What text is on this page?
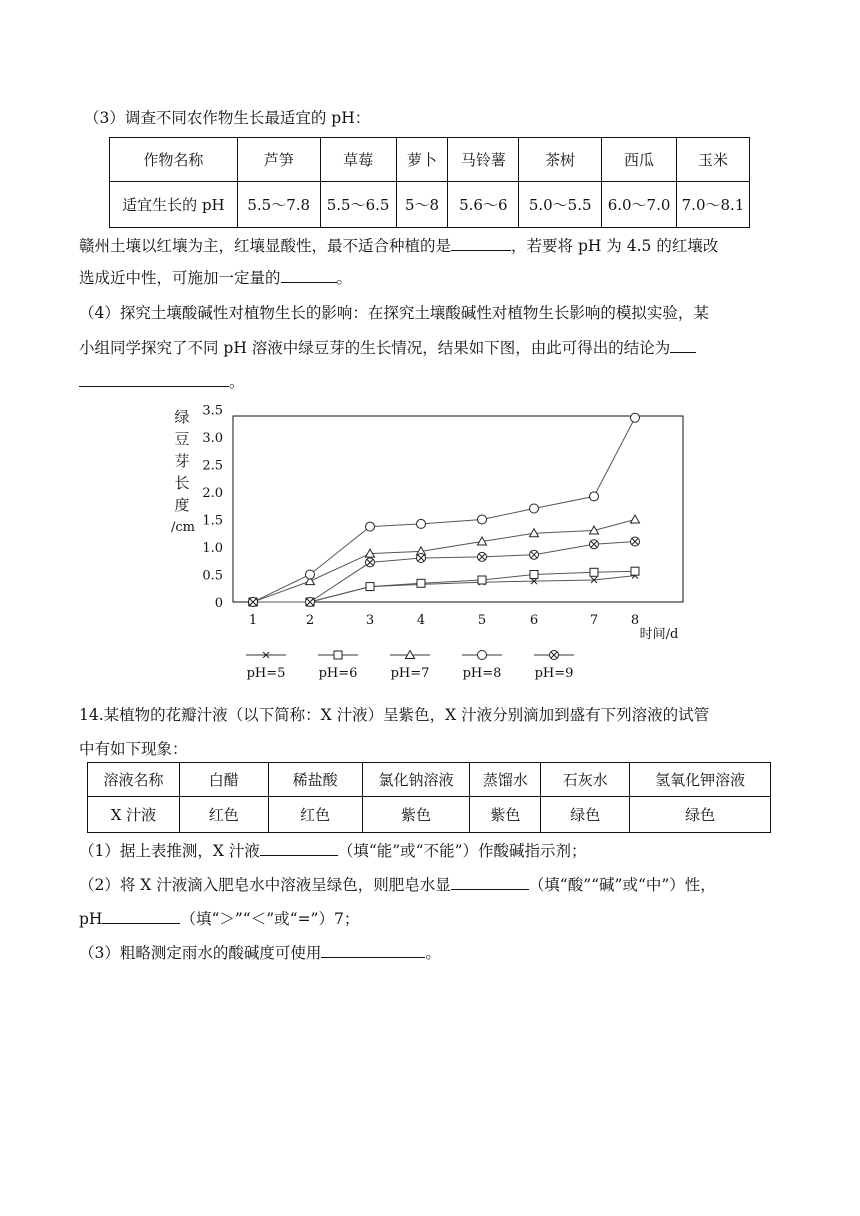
（3）调查不同农作物生长最适宜的 pH：
作物名称	芦笋	草莓	萝卜	马铃薯	茶树	西瓜	玉米
适宜生长的 pH	5.5～7.8	5.5～6.5	5～8	5.6～6	5.0～5.5	6.0～7.0	7.0～8.1
赣州土壤以红壤为主，红壤显酸性，最不适合种植的是	，若要将 pH 为 4.5 的红壤改
选成近中性，可施加一定量的	。
（4）探究土壤酸碱性对植物生长的影响：在探究土壤酸碱性对植物生长影响的模拟实验，某
小组同学探究了不同 pH 溶液中绿豆芽的生长情况，结果如下图，由此可得出的结论为
。
绿
豆
芽
长
度
/cm
0
0.5
1.0
1.5
2.0
2.5
3.0
3.5
1	2	3	4	5	6	7	8
时间/d
pH=5	pH=6	pH=7	pH=8	pH=9
14.某植物的花瓣汁液（以下简称：X 汁液）呈紫色，X 汁液分别滴加到盛有下列溶液的试管
中有如下现象：
溶液名称	白醋	稀盐酸	氯化钠溶液	蒸馏水	石灰水	氢氧化钾溶液
X 汁液	红色	红色	紫色	紫色	绿色	绿色
（1）据上表推测，X 汁液	（填“能”或“不能”）作酸碱指示剂；
（2）将 X 汁液滴入肥皂水中溶液呈绿色，则肥皂水显	（填“酸”“碱”或“中”）性，
pH	（填“＞”“＜”或“=”）7；
（3）粗略测定雨水的酸碱度可使用	。
